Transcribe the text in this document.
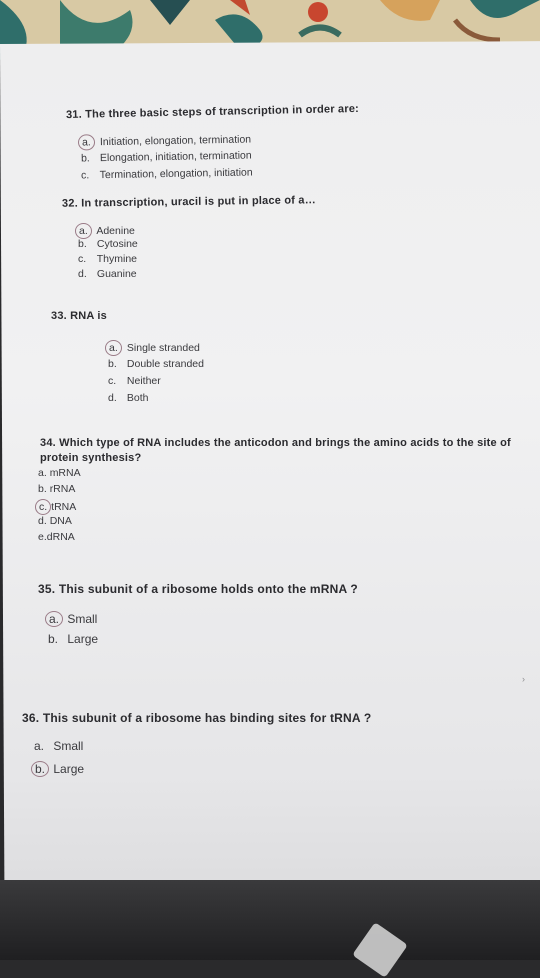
31. The three basic steps of transcription in order are:
a. Initiation, elongation, termination
b. Elongation, initiation, termination
c. Termination, elongation, initiation
32. In transcription, uracil is put in place of a…
a. Adenine
b. Cytosine
c. Thymine
d. Guanine
33. RNA is
a. Single stranded
b. Double stranded
c. Neither
d. Both
34. Which type of RNA includes the anticodon and brings the amino acids to the site of
protein synthesis?
a. mRNA
b. rRNA
c. tRNA
d. DNA
e.dRNA
35. This subunit of a ribosome holds onto the mRNA ?
a. Small
b. Large
›
36. This subunit of a ribosome has binding sites for tRNA ?
a. Small
b. Large
